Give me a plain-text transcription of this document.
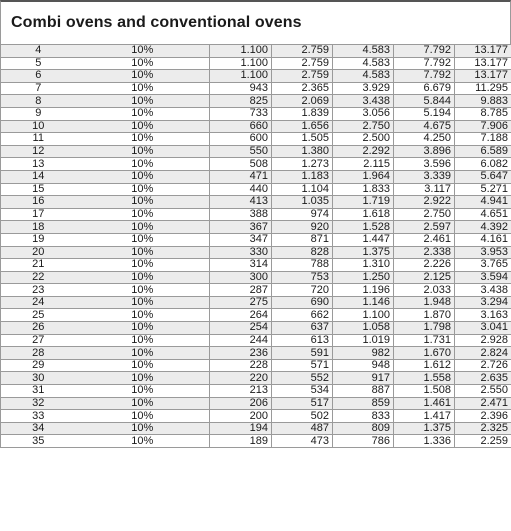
Combi ovens and conventional ovens
4	10%	1.100	2.759	4.583	7.792	13.177
5	10%	1.100	2.759	4.583	7.792	13.177
6	10%	1.100	2.759	4.583	7.792	13.177
7	10%	943	2.365	3.929	6.679	11.295
8	10%	825	2.069	3.438	5.844	9.883
9	10%	733	1.839	3.056	5.194	8.785
10	10%	660	1.656	2.750	4.675	7.906
11	10%	600	1.505	2.500	4.250	7.188
12	10%	550	1.380	2.292	3.896	6.589
13	10%	508	1.273	2.115	3.596	6.082
14	10%	471	1.183	1.964	3.339	5.647
15	10%	440	1.104	1.833	3.117	5.271
16	10%	413	1.035	1.719	2.922	4.941
17	10%	388	974	1.618	2.750	4.651
18	10%	367	920	1.528	2.597	4.392
19	10%	347	871	1.447	2.461	4.161
20	10%	330	828	1.375	2.338	3.953
21	10%	314	788	1.310	2.226	3.765
22	10%	300	753	1.250	2.125	3.594
23	10%	287	720	1.196	2.033	3.438
24	10%	275	690	1.146	1.948	3.294
25	10%	264	662	1.100	1.870	3.163
26	10%	254	637	1.058	1.798	3.041
27	10%	244	613	1.019	1.731	2.928
28	10%	236	591	982	1.670	2.824
29	10%	228	571	948	1.612	2.726
30	10%	220	552	917	1.558	2.635
31	10%	213	534	887	1.508	2.550
32	10%	206	517	859	1.461	2.471
33	10%	200	502	833	1.417	2.396
34	10%	194	487	809	1.375	2.325
35	10%	189	473	786	1.336	2.259
